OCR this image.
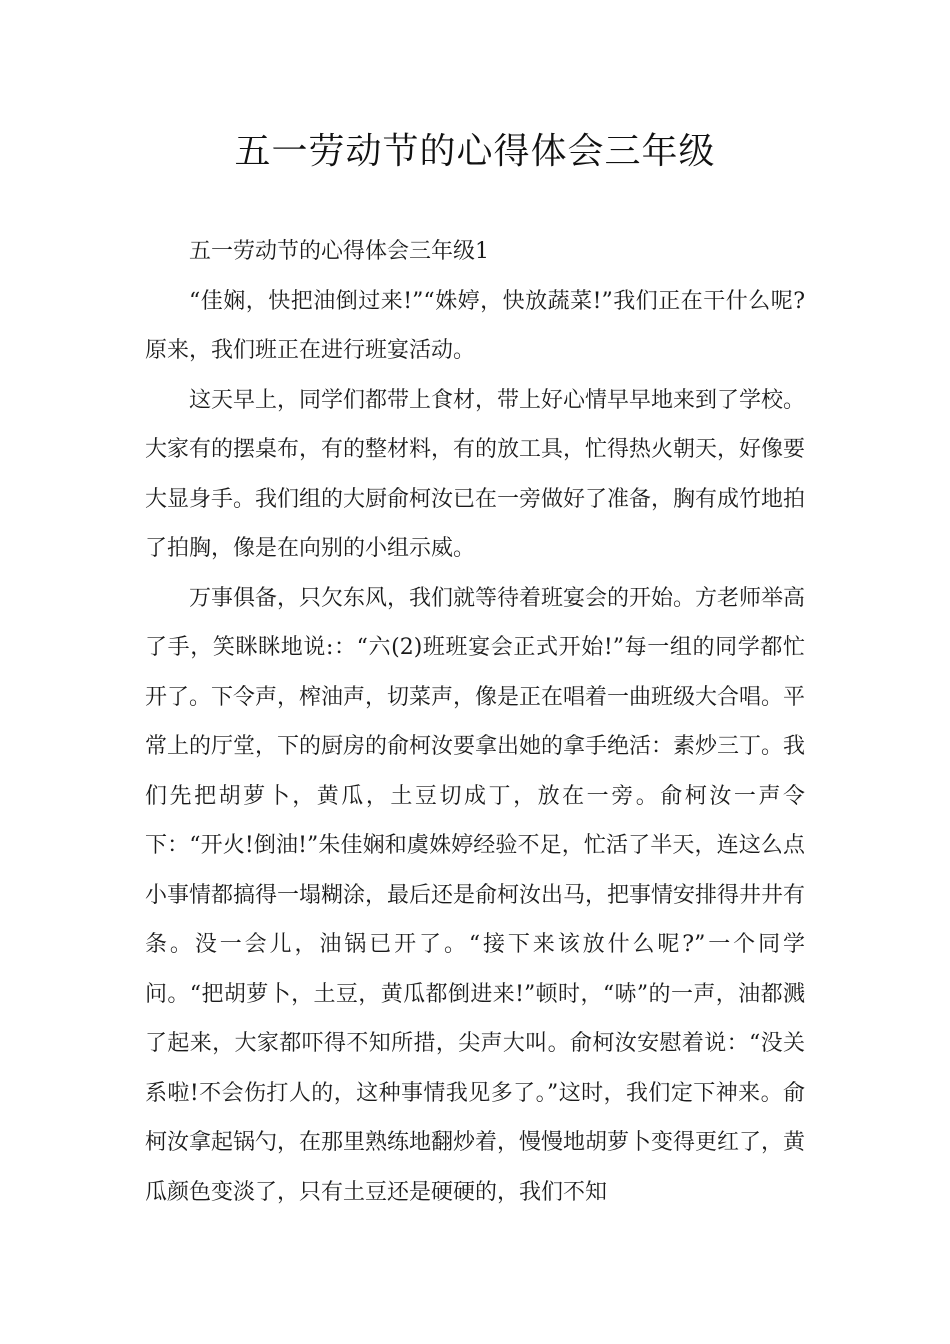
五一劳动节的心得体会三年级

五一劳动节的心得体会三年级1

“佳娴，快把油倒过来!”“姝婷，快放蔬菜!”我们正在干什么呢?原来，我们班正在进行班宴活动。

这天早上，同学们都带上食材，带上好心情早早地来到了学校。大家有的摆桌布，有的整材料，有的放工具，忙得热火朝天，好像要大显身手。我们组的大厨俞柯汝已在一旁做好了准备，胸有成竹地拍了拍胸，像是在向别的小组示威。

万事俱备，只欠东风，我们就等待着班宴会的开始。方老师举高了手，笑眯眯地说:：“六(2)班班宴会正式开始!”每一组的同学都忙开了。下令声，榨油声，切菜声，像是正在唱着一曲班级大合唱。平常上的厅堂，下的厨房的俞柯汝要拿出她的拿手绝活：素炒三丁。我们先把胡萝卜，黄瓜，土豆切成丁，放在一旁。俞柯汝一声令下：“开火!倒油!”朱佳娴和虞姝婷经验不足，忙活了半天，连这么点小事情都搞得一塌糊涂，最后还是俞柯汝出马，把事情安排得井井有条。没一会儿，油锅已开了。“接下来该放什么呢?”一个同学问。“把胡萝卜，土豆，黄瓜都倒进来!”顿时，“哧”的一声，油都溅了起来，大家都吓得不知所措，尖声大叫。俞柯汝安慰着说：“没关系啦!不会伤打人的，这种事情我见多了。”这时，我们定下神来。俞柯汝拿起锅勺，在那里熟练地翻炒着，慢慢地胡萝卜变得更红了，黄瓜颜色变淡了，只有土豆还是硬硬的，我们不知
